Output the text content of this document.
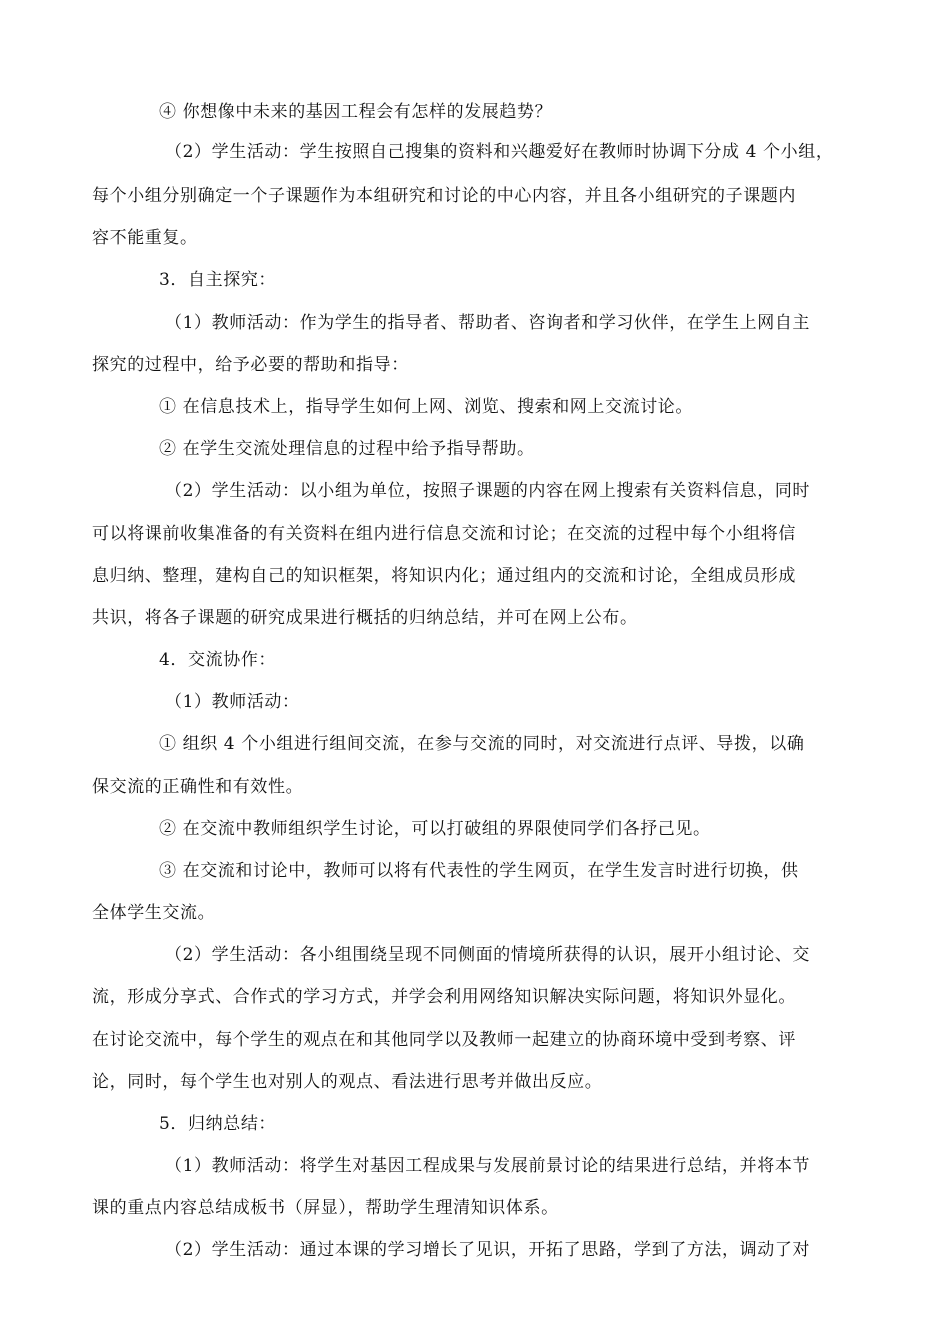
④ 你想像中未来的基因工程会有怎样的发展趋势？
（2）学生活动：学生按照自己搜集的资料和兴趣爱好在教师时协调下分成 4 个小组，
每个小组分别确定一个子课题作为本组研究和讨论的中心内容，并且各小组研究的子课题内
容不能重复。
3．自主探究：
（1）教师活动：作为学生的指导者、帮助者、咨询者和学习伙伴，在学生上网自主
探究的过程中，给予必要的帮助和指导：
① 在信息技术上，指导学生如何上网、浏览、搜索和网上交流讨论。
② 在学生交流处理信息的过程中给予指导帮助。
（2）学生活动：以小组为单位，按照子课题的内容在网上搜索有关资料信息，同时
可以将课前收集准备的有关资料在组内进行信息交流和讨论；在交流的过程中每个小组将信
息归纳、整理，建构自己的知识框架，将知识内化；通过组内的交流和讨论，全组成员形成
共识，将各子课题的研究成果进行概括的归纳总结，并可在网上公布。
4．交流协作：
（1）教师活动：
① 组织 4 个小组进行组间交流，在参与交流的同时，对交流进行点评、导拨，以确
保交流的正确性和有效性。
② 在交流中教师组织学生讨论，可以打破组的界限使同学们各抒己见。
③ 在交流和讨论中，教师可以将有代表性的学生网页，在学生发言时进行切换，供
全体学生交流。
（2）学生活动：各小组围绕呈现不同侧面的情境所获得的认识，展开小组讨论、交
流，形成分享式、合作式的学习方式，并学会利用网络知识解决实际问题，将知识外显化。
在讨论交流中，每个学生的观点在和其他同学以及教师一起建立的协商环境中受到考察、评
论，同时，每个学生也对别人的观点、看法进行思考并做出反应。
5．归纳总结：
（1）教师活动：将学生对基因工程成果与发展前景讨论的结果进行总结，并将本节
课的重点内容总结成板书（屏显），帮助学生理清知识体系。
（2）学生活动：通过本课的学习增长了见识，开拓了思路，学到了方法，调动了对
